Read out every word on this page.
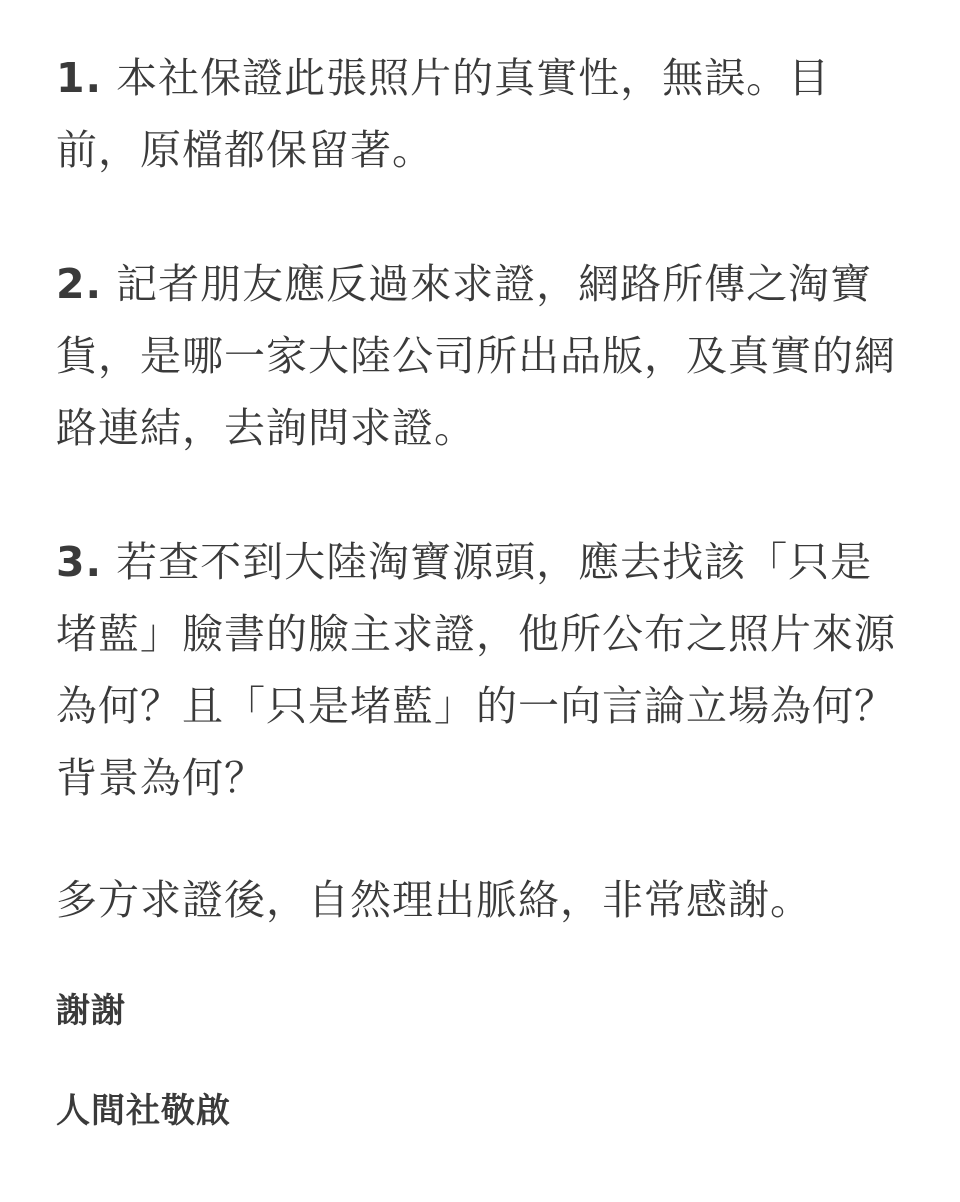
1. 本社保證此張照片的真實性，無誤。目前，原檔都保留著。

2. 記者朋友應反過來求證，網路所傳之淘寶貨，是哪一家大陸公司所出品版，及真實的網路連結，去詢問求證。

3. 若查不到大陸淘寶源頭，應去找該「只是堵藍」臉書的臉主求證，他所公布之照片來源為何？且「只是堵藍」的一向言論立場為何？背景為何？

多方求證後，自然理出脈絡，非常感謝。

謝謝

人間社敬啟
